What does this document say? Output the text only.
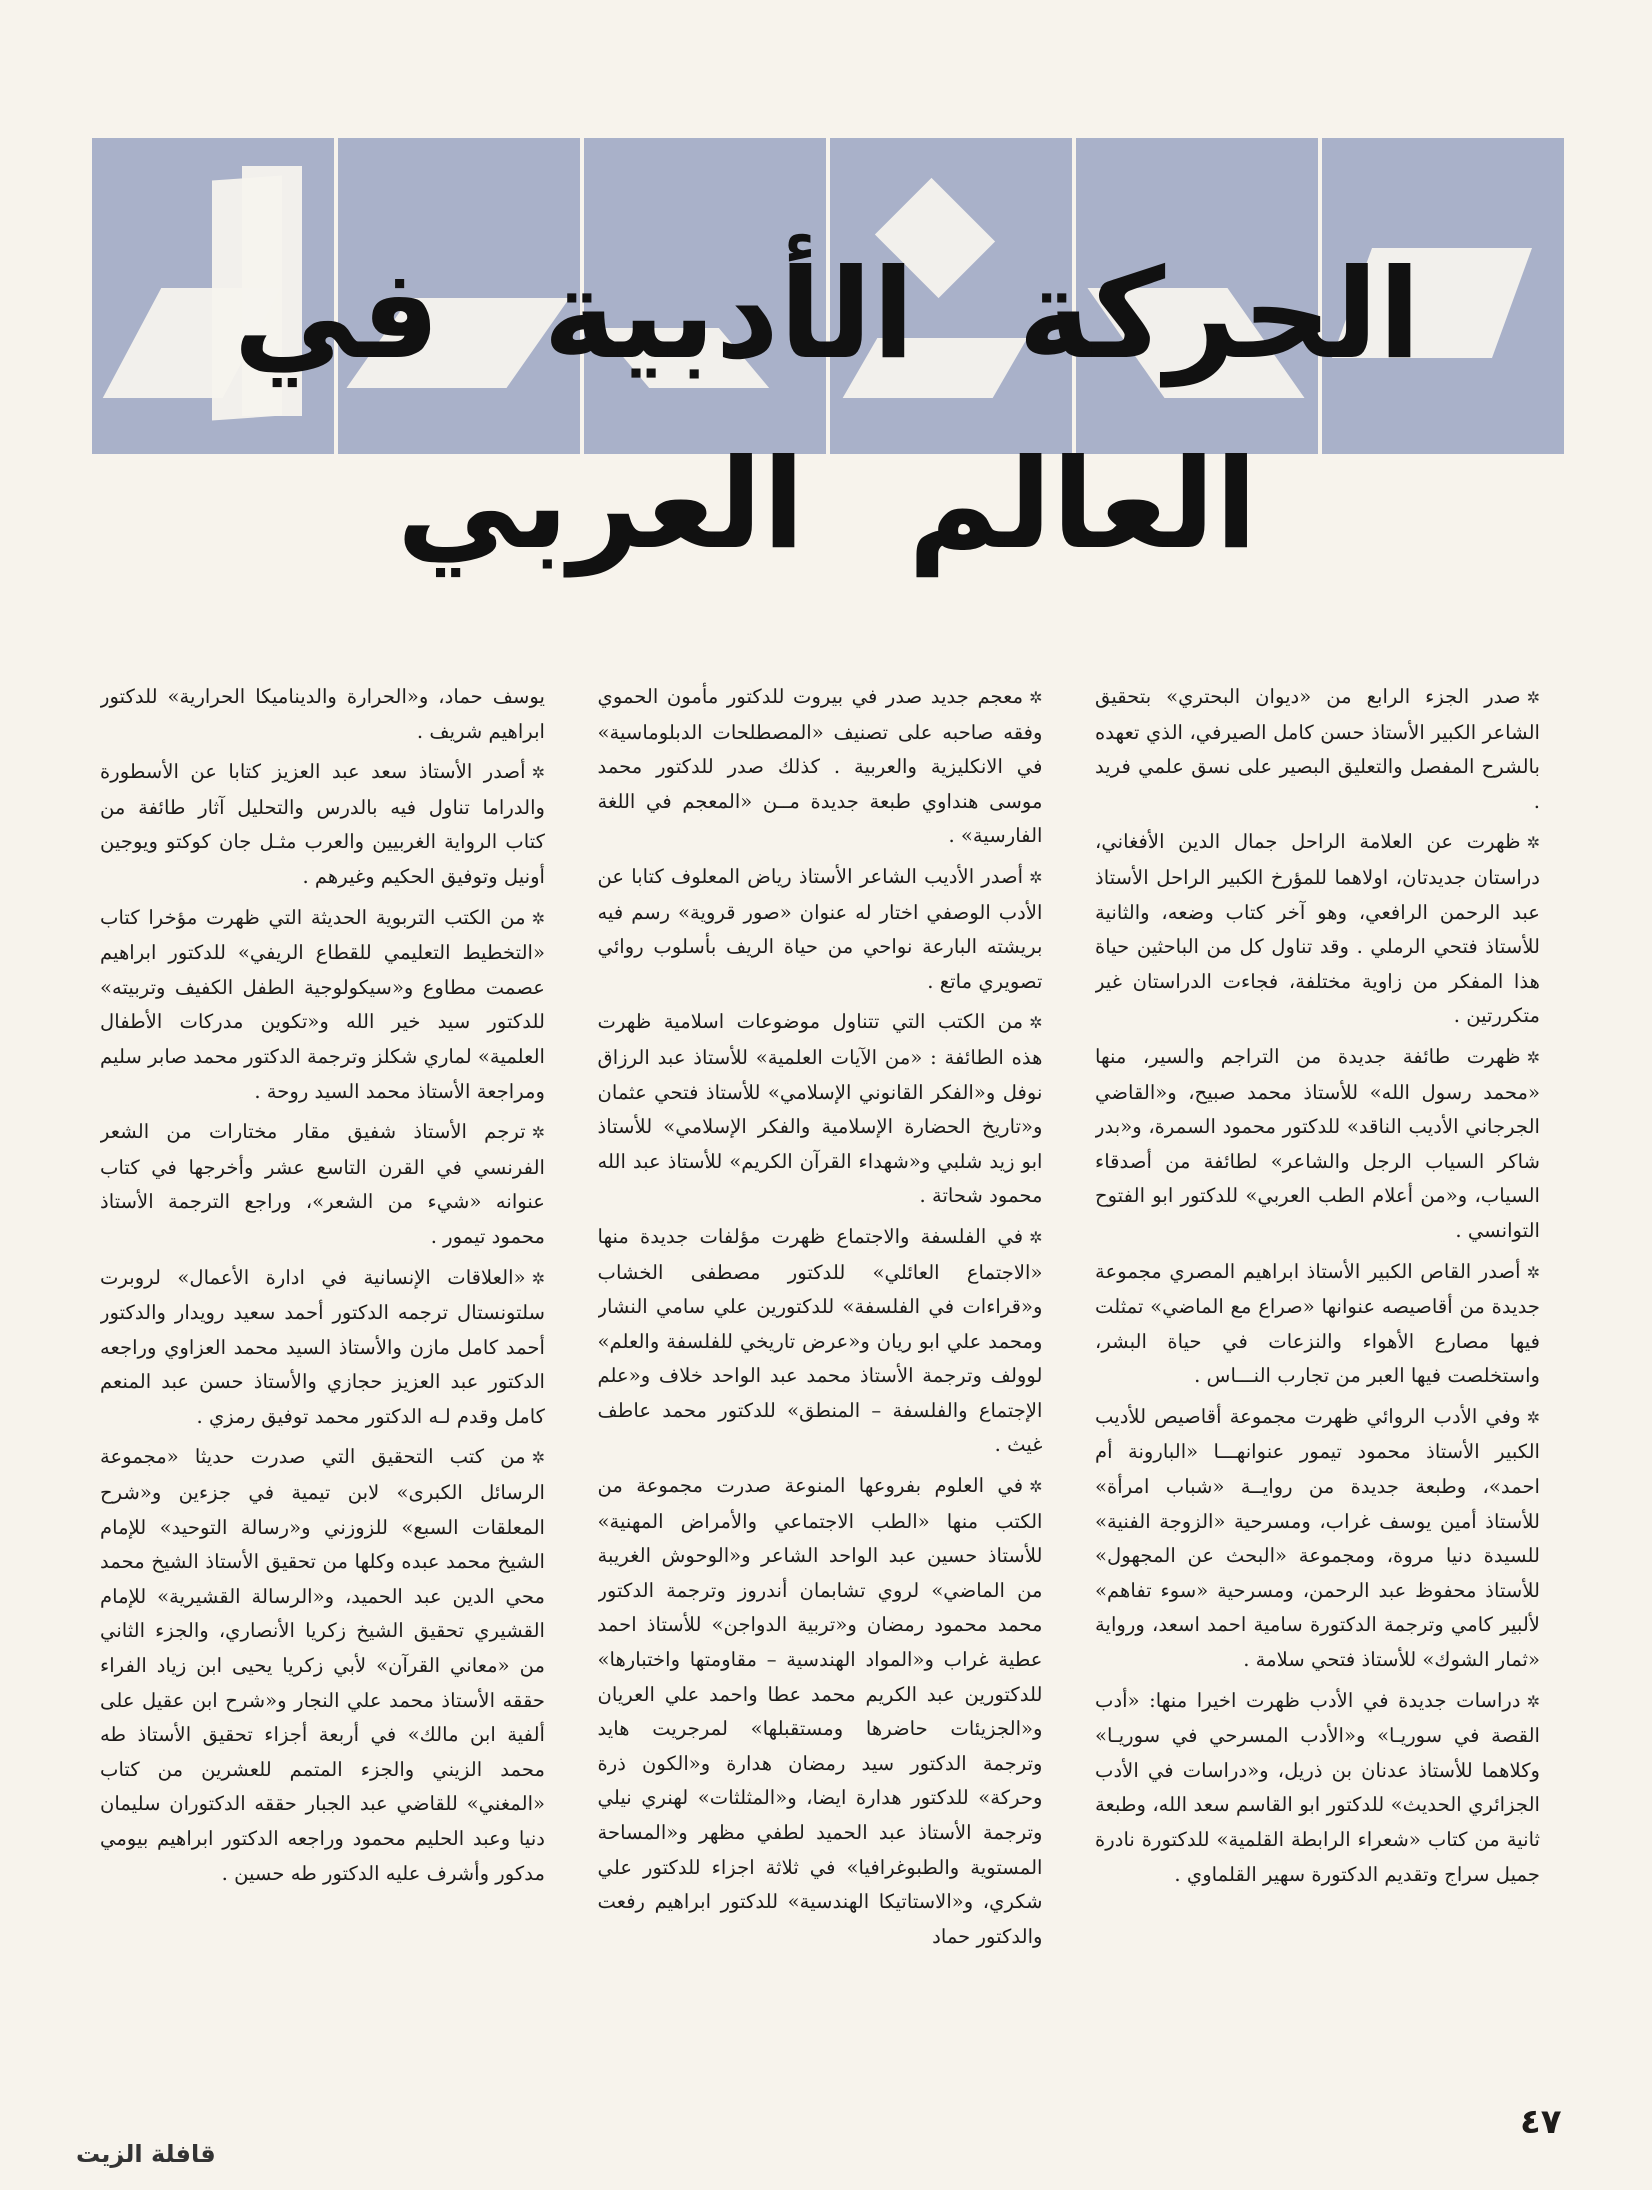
الحركة الأدبية في العالم العربي

✲صدر الجزء الرابع من «ديوان البحتري» بتحقيق الشاعر الكبير الأستاذ حسن كامل الصيرفي، الذي تعهده بالشرح المفصل والتعليق البصير على نسق علمي فريد .

✲ظهرت عن العلامة الراحل جمال الدين الأفغاني، دراستان جديدتان، اولاهما للمؤرخ الكبير الراحل الأستاذ عبد الرحمن الرافعي، وهو آخر كتاب وضعه، والثانية للأستاذ فتحي الرملي . وقد تناول كل من الباحثين حياة هذا المفكر من زاوية مختلفة، فجاءت الدراستان غير متكررتين .

✲ظهرت طائفة جديدة من التراجم والسير، منها «محمد رسول الله» للأستاذ محمد صبيح، و«القاضي الجرجاني الأديب الناقد» للدكتور محمود السمرة، و«بدر شاكر السياب الرجل والشاعر» لطائفة من أصدقاء السياب، و«من أعلام الطب العربي» للدكتور ابو الفتوح التوانسي .

✲أصدر القاص الكبير الأستاذ ابراهيم المصري مجموعة جديدة من أقاصيصه عنوانها «صراع مع الماضي» تمثلت فيها مصارع الأهواء والنزعات في حياة البشر، واستخلصت فيها العبر من تجارب النـــاس .

✲وفي الأدب الروائي ظهرت مجموعة أقاصيص للأديب الكبير الأستاذ محمود تيمور عنوانهـــا «البارونة أم احمد»، وطبعة جديدة من روايــة «شباب امرأة» للأستاذ أمين يوسف غراب، ومسرحية «الزوجة الفنية» للسيدة دنيا مروة، ومجموعة «البحث عن المجهول» للأستاذ محفوظ عبد الرحمن، ومسرحية «سوء تفاهم» لألبير كامي وترجمة الدكتورة سامية احمد اسعد، ورواية «ثمار الشوك» للأستاذ فتحي سلامة .

✲دراسات جديدة في الأدب ظهرت اخيرا منها: «أدب القصة في سوريـا» و«الأدب المسرحي في سوريـا» وكلاهما للأستاذ عدنان بن ذريل، و«دراسات في الأدب الجزائري الحديث» للدكتور ابو القاسم سعد الله، وطبعة ثانية من كتاب «شعراء الرابطة القلمية» للدكتورة نادرة جميل سراج وتقديم الدكتورة سهير القلماوي .

✲معجم جديد صدر في بيروت للدكتور مأمون الحموي وفقه صاحبه على تصنيف «المصطلحات الدبلوماسية» في الانكليزية والعربية . كذلك صدر للدكتور محمد موسى هنداوي طبعة جديدة مــن «المعجم في اللغة الفارسية» .

✲أصدر الأديب الشاعر الأستاذ رياض المعلوف كتابا عن الأدب الوصفي اختار له عنوان «صور قروية» رسم فيه بريشته البارعة نواحي من حياة الريف بأسلوب روائي تصويري ماتع .

✲من الكتب التي تتناول موضوعات اسلامية ظهرت هذه الطائفة : «من الآيات العلمية» للأستاذ عبد الرزاق نوفل و«الفكر القانوني الإسلامي» للأستاذ فتحي عثمان و«تاريخ الحضارة الإسلامية والفكر الإسلامي» للأستاذ ابو زيد شلبي و«شهداء القرآن الكريم» للأستاذ عبد الله محمود شحاتة .

✲في الفلسفة والاجتماع ظهرت مؤلفات جديدة منها «الاجتماع العائلي» للدكتور مصطفى الخشاب و«قراءات في الفلسفة» للدكتورين علي سامي النشار ومحمد علي ابو ريان و«عرض تاريخي للفلسفة والعلم» لوولف وترجمة الأستاذ محمد عبد الواحد خلاف و«علم الإجتماع والفلسفة – المنطق» للدكتور محمد عاطف غيث .

✲في العلوم بفروعها المنوعة صدرت مجموعة من الكتب منها «الطب الاجتماعي والأمراض المهنية» للأستاذ حسين عبد الواحد الشاعر و«الوحوش الغريبة من الماضي» لروي تشابمان أندروز وترجمة الدكتور محمد محمود رمضان و«تربية الدواجن» للأستاذ احمد عطية غراب و«المواد الهندسية – مقاومتها واختبارها» للدكتورين عبد الكريم محمد عطا واحمد علي العريان و«الجزيئات حاضرها ومستقبلها» لمرجريت هايد وترجمة الدكتور سيد رمضان هدارة و«الكون ذرة وحركة» للدكتور هدارة ايضا، و«المثلثات» لهنري نيلي وترجمة الأستاذ عبد الحميد لطفي مظهر و«المساحة المستوية والطبوغرافيا» في ثلاثة اجزاء للدكتور علي شكري، و«الاستاتيكا الهندسية» للدكتور ابراهيم رفعت والدكتور حماد

يوسف حماد، و«الحرارة والديناميكا الحرارية» للدكتور ابراهيم شريف .

✲أصدر الأستاذ سعد عبد العزيز كتابا عن الأسطورة والدراما تناول فيه بالدرس والتحليل آثار طائفة من كتاب الرواية الغربيين والعرب مثـل جان كوكتو ويوجين أونيل وتوفيق الحكيم وغيرهم .

✲من الكتب التربوية الحديثة التي ظهرت مؤخرا كتاب «التخطيط التعليمي للقطاع الريفي» للدكتور ابراهيم عصمت مطاوع و«سيكولوجية الطفل الكفيف وتربيته» للدكتور سيد خير الله و«تكوين مدركات الأطفال العلمية» لماري شكلز وترجمة الدكتور محمد صابر سليم ومراجعة الأستاذ محمد السيد روحة .

✲ترجم الأستاذ شفيق مقار مختارات من الشعر الفرنسي في القرن التاسع عشر وأخرجها في كتاب عنوانه «شيء من الشعر»، وراجع الترجمة الأستاذ محمود تيمور .

✲«العلاقات الإنسانية في ادارة الأعمال» لروبرت سلتونستال ترجمه الدكتور أحمد سعيد رويدار والدكتور أحمد كامل مازن والأستاذ السيد محمد العزاوي وراجعه الدكتور عبد العزيز حجازي والأستاذ حسن عبد المنعم كامل وقدم لـه الدكتور محمد توفيق رمزي .

✲من كتب التحقيق التي صدرت حديثا «مجموعة الرسائل الكبرى» لابن تيمية في جزءين و«شرح المعلقات السبع» للزوزني و«رسالة التوحيد» للإمام الشيخ محمد عبده وكلها من تحقيق الأستاذ الشيخ محمد محي الدين عبد الحميد، و«الرسالة القشيرية» للإمام القشيري تحقيق الشيخ زكريا الأنصاري، والجزء الثاني من «معاني القرآن» لأبي زكريا يحيى ابن زياد الفراء حققه الأستاذ محمد علي النجار و«شرح ابن عقيل على ألفية ابن مالك» في أربعة أجزاء تحقيق الأستاذ طه محمد الزيني والجزء المتمم للعشرين من كتاب «المغني» للقاضي عبد الجبار حققه الدكتوران سليمان دنيا وعبد الحليم محمود وراجعه الدكتور ابراهيم بيومي مدكور وأشرف عليه الدكتور طه حسين .

٤٧
قافلة الزيت
